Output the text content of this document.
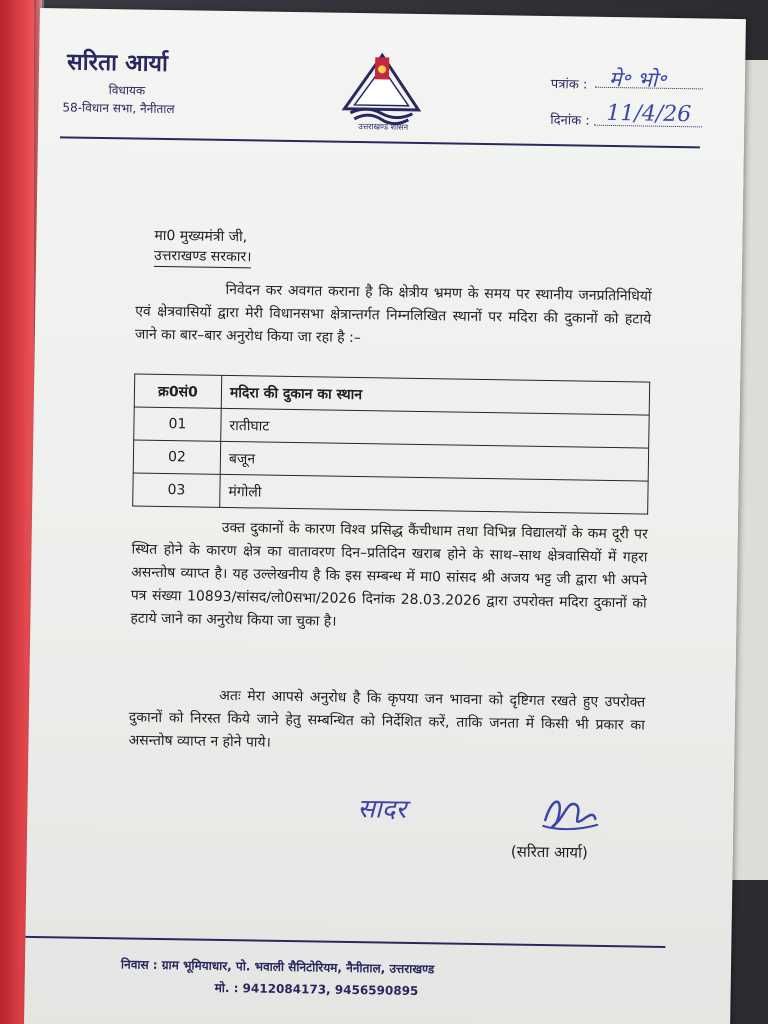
सरिता आर्या
विधायक
58-विधान सभा, नैनीताल
उत्तराखण्ड शासन
पत्रांक : मे॰ भो॰
दिनांक : 11/4/26
मा0 मुख्यमंत्री जी,
उत्तराखण्ड सरकार।
निवेदन कर अवगत कराना है कि क्षेत्रीय भ्रमण के समय पर स्थानीय जनप्रतिनिधियों एवं क्षेत्रवासियों द्वारा मेरी विधानसभा क्षेत्रान्तर्गत निम्नलिखित स्थानों पर मदिरा की दुकानों को हटाये जाने का बार–बार अनुरोध किया जा रहा है :–
क्र0सं0	मदिरा की दुकान का स्थान
01	रातीघाट
02	बजून
03	मंगोली
उक्त दुकानों के कारण विश्व प्रसिद्ध कैंचीधाम तथा विभिन्न विद्यालयों के कम दूरी पर स्थित होने के कारण क्षेत्र का वातावरण दिन–प्रतिदिन खराब होने के साथ–साथ क्षेत्रवासियों में गहरा असन्तोष व्याप्त है। यह उल्लेखनीय है कि इस सम्बन्ध में मा0 सांसद श्री अजय भट्ट जी द्वारा भी अपने पत्र संख्या 10893/सांसद/लो0सभा/2026 दिनांक 28.03.2026 द्वारा उपरोक्त मदिरा दुकानों को हटाये जाने का अनुरोध किया जा चुका है।
अतः मेरा आपसे अनुरोध है कि कृपया जन भावना को दृष्टिगत रखते हुए उपरोक्त दुकानों को निरस्त किये जाने हेतु सम्बन्धित को निर्देशित करें, ताकि जनता में किसी भी प्रकार का असन्तोष व्याप्त न होने पाये।
सादर
(सरिता आर्या)
निवास : ग्राम भूमियाधार, पो. भवाली सैनिटोरियम, नैनीताल, उत्तराखण्ड
मो. : 9412084173, 9456590895
